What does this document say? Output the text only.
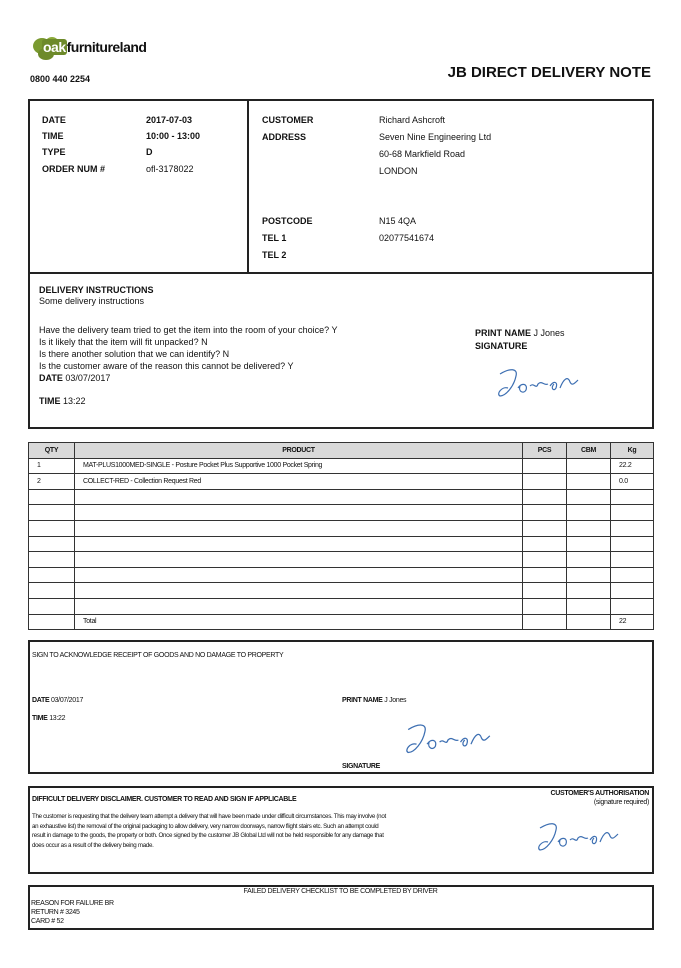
oakfurnitureland
0800 440 2254	JB DIRECT DELIVERY NOTE
DATE	2017-07-03
TIME	10:00 - 13:00
TYPE	D
ORDER NUM #	ofl-3178022
CUSTOMER	Richard Ashcroft
ADDRESS	Seven Nine Engineering Ltd
60-68 Markfield Road
LONDON
POSTCODE	N15 4QA
TEL 1	02077541674
TEL 2
DELIVERY INSTRUCTIONS
Some delivery instructions
Have the delivery team tried to get the item into the room of your choice? Y
Is it likely that the item will fit unpacked? N
Is there another solution that we can identify? N
Is the customer aware of the reason this cannot be delivered? Y
DATE 03/07/2017
TIME 13:22
PRINT NAME J Jones
SIGNATURE
QTY	PRODUCT	PCS	CBM	Kg
1	MAT-PLUS1000MED-SINGLE - Posture Pocket Plus Supportive 1000 Pocket Spring			22.2
2	COLLECT-RED - Collection Request Red			0.0

	Total			22
SIGN TO ACKNOWLEDGE RECEIPT OF GOODS AND NO DAMAGE TO PROPERTY
DATE 03/07/2017
TIME 13:22
PRINT NAME J Jones
SIGNATURE
DIFFICULT DELIVERY DISCLAIMER. CUSTOMER TO READ AND SIGN IF APPLICABLE
The customer is requesting that the delivery team attempt a delivery that will have been made under difficult circumstances. This may involve (not
an exhaustive list) the removal of the original packaging to allow delivery, very narrow doorways, narrow flight stairs etc. Such an attempt could
result in damage to the goods, the property or both. Once signed by the customer JB Global Ltd will not be held responsible for any damage that
does occur as a result of the delivery being made.
CUSTOMER'S AUTHORISATION
(signature required)
FAILED DELIVERY CHECKLIST TO BE COMPLETED BY DRIVER
REASON FOR FAILURE BR
RETURN # 3245
CARD # 52
